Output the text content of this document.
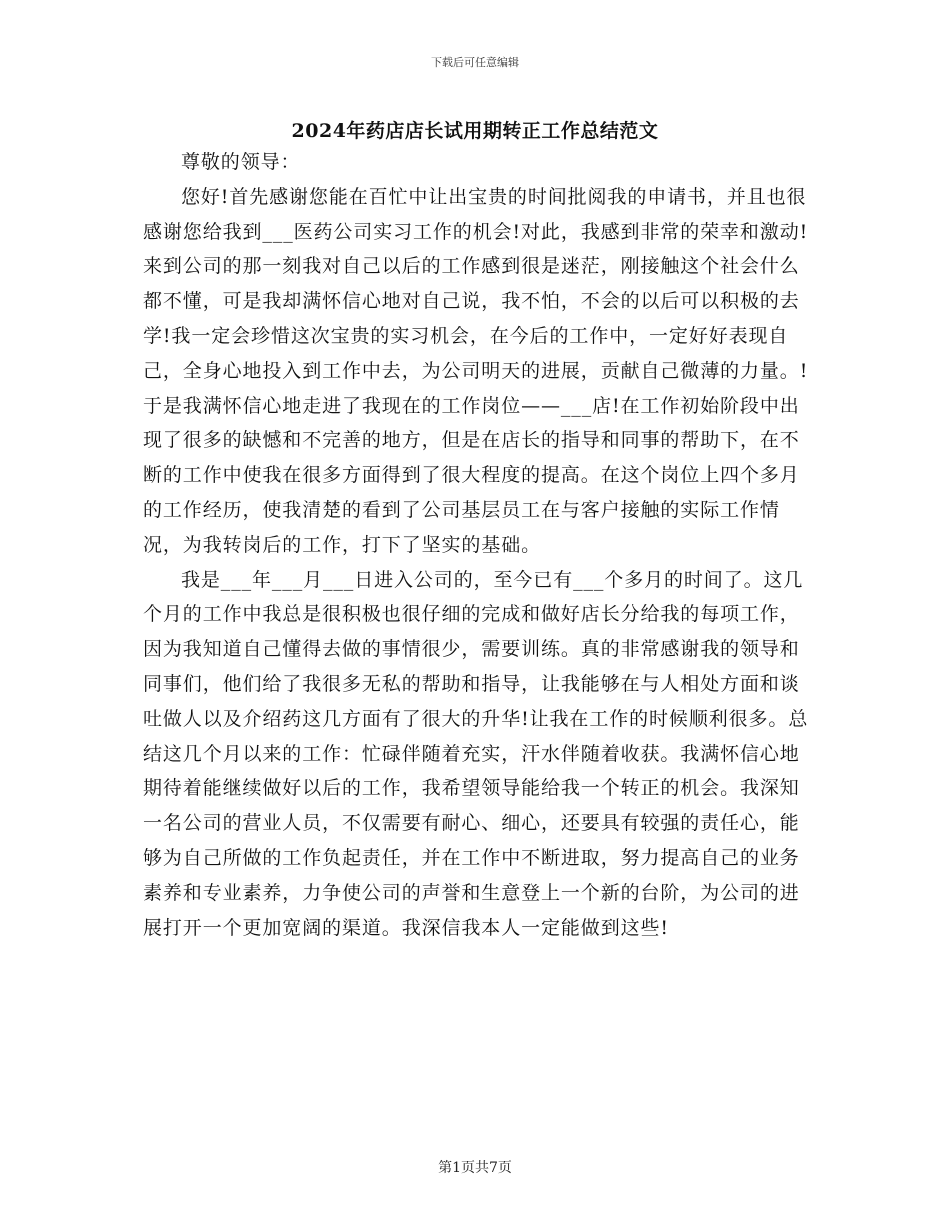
下载后可任意编辑
2024年药店店长试用期转正工作总结范文

尊敬的领导：

您好!首先感谢您能在百忙中让出宝贵的时间批阅我的申请书，并且也很感谢您给我到___医药公司实习工作的机会!对此，我感到非常的荣幸和激动!来到公司的那一刻我对自己以后的工作感到很是迷茫，刚接触这个社会什么都不懂，可是我却满怀信心地对自己说，我不怕，不会的以后可以积极的去学!我一定会珍惜这次宝贵的实习机会，在今后的工作中，一定好好表现自己，全身心地投入到工作中去，为公司明天的进展，贡献自己微薄的力量。!于是我满怀信心地走进了我现在的工作岗位——___店!在工作初始阶段中出现了很多的缺憾和不完善的地方，但是在店长的指导和同事的帮助下，在不断的工作中使我在很多方面得到了很大程度的提高。在这个岗位上四个多月的工作经历，使我清楚的看到了公司基层员工在与客户接触的实际工作情况，为我转岗后的工作，打下了坚实的基础。

我是___年___月___日进入公司的，至今已有___个多月的时间了。这几个月的工作中我总是很积极也很仔细的完成和做好店长分给我的每项工作，因为我知道自己懂得去做的事情很少，需要训练。真的非常感谢我的领导和同事们，他们给了我很多无私的帮助和指导，让我能够在与人相处方面和谈吐做人以及介绍药这几方面有了很大的升华!让我在工作的时候顺利很多。总结这几个月以来的工作：忙碌伴随着充实，汗水伴随着收获。我满怀信心地期待着能继续做好以后的工作，我希望领导能给我一个转正的机会。我深知一名公司的营业人员，不仅需要有耐心、细心，还要具有较强的责任心，能够为自己所做的工作负起责任，并在工作中不断进取，努力提高自己的业务素养和专业素养，力争使公司的声誉和生意登上一个新的台阶，为公司的进展打开一个更加宽阔的渠道。我深信我本人一定能做到这些!

第1页共7页
